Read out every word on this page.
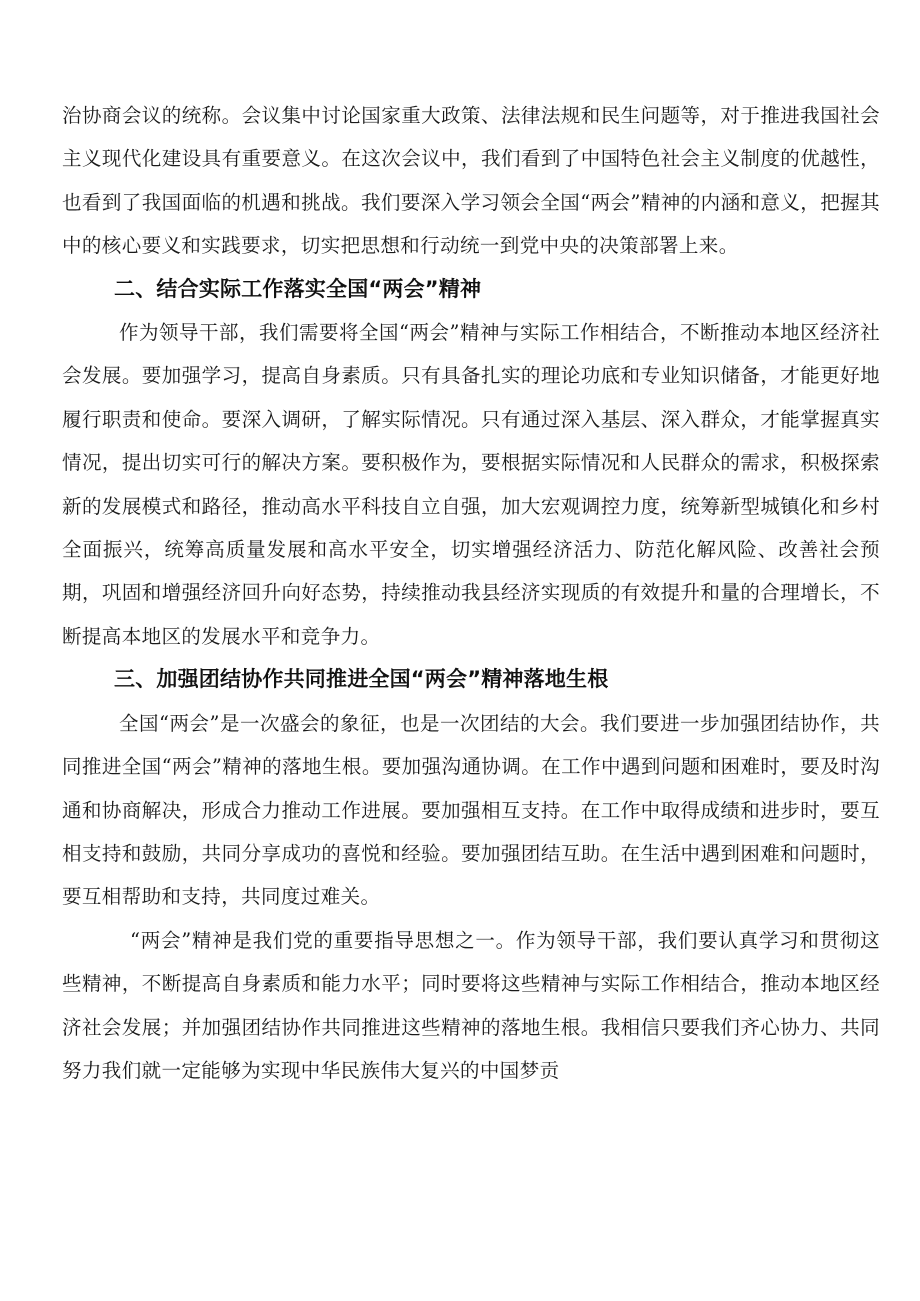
治协商会议的统称。会议集中讨论国家重大政策、法律法规和民生问题等，对于推进我国社会主义现代化建设具有重要意义。在这次会议中，我们看到了中国特色社会主义制度的优越性，也看到了我国面临的机遇和挑战。我们要深入学习领会全国“两会”精神的内涵和意义，把握其中的核心要义和实践要求，切实把思想和行动统一到党中央的决策部署上来。

二、结合实际工作落实全国“两会”精神

作为领导干部，我们需要将全国“两会”精神与实际工作相结合，不断推动本地区经济社会发展。要加强学习，提高自身素质。只有具备扎实的理论功底和专业知识储备，才能更好地履行职责和使命。要深入调研，了解实际情况。只有通过深入基层、深入群众，才能掌握真实情况，提出切实可行的解决方案。要积极作为，要根据实际情况和人民群众的需求，积极探索新的发展模式和路径，推动高水平科技自立自强，加大宏观调控力度，统筹新型城镇化和乡村全面振兴，统筹高质量发展和高水平安全，切实增强经济活力、防范化解风险、改善社会预期，巩固和增强经济回升向好态势，持续推动我县经济实现质的有效提升和量的合理增长，不断提高本地区的发展水平和竞争力。

三、加强团结协作共同推进全国“两会”精神落地生根

全国“两会”是一次盛会的象征，也是一次团结的大会。我们要进一步加强团结协作，共同推进全国“两会”精神的落地生根。要加强沟通协调。在工作中遇到问题和困难时，要及时沟通和协商解决，形成合力推动工作进展。要加强相互支持。在工作中取得成绩和进步时，要互相支持和鼓励，共同分享成功的喜悦和经验。要加强团结互助。在生活中遇到困难和问题时，要互相帮助和支持，共同度过难关。

“两会”精神是我们党的重要指导思想之一。作为领导干部，我们要认真学习和贯彻这些精神，不断提高自身素质和能力水平；同时要将这些精神与实际工作相结合，推动本地区经济社会发展；并加强团结协作共同推进这些精神的落地生根。我相信只要我们齐心协力、共同努力我们就一定能够为实现中华民族伟大复兴的中国梦贡
